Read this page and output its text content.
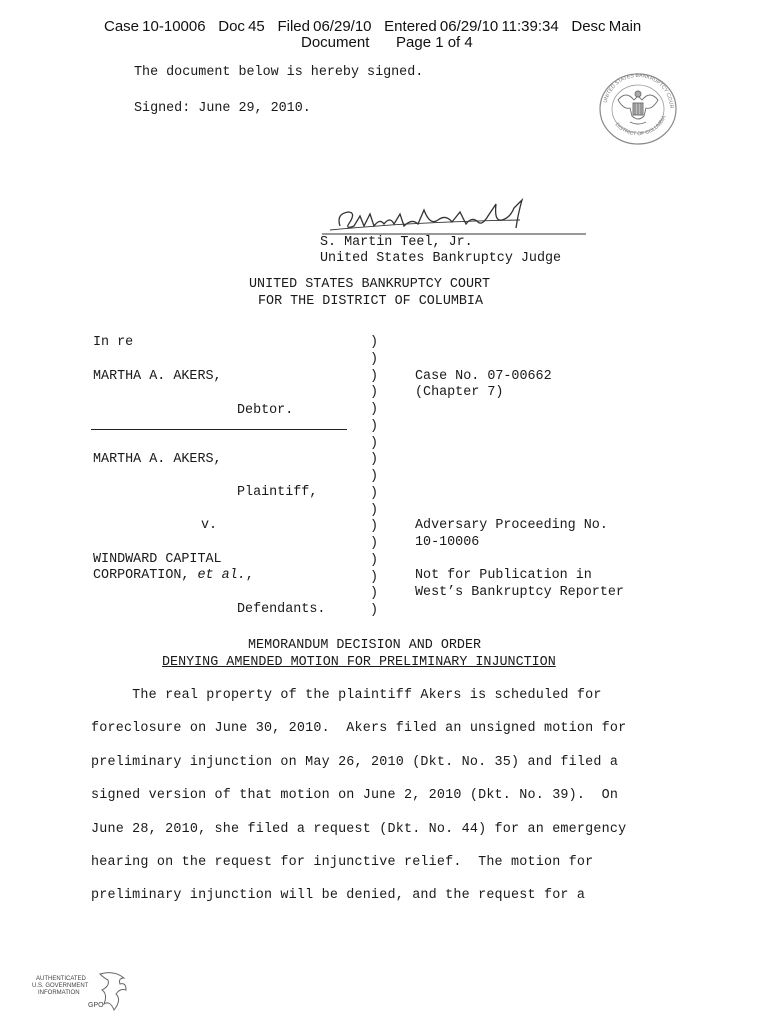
Case 10-10006    Doc 45    Filed 06/29/10    Entered 06/29/10 11:39:34    Desc Main
Document Page 1 of 4
The document below is hereby signed.
Signed: June 29, 2010.
UNITED STATES BANKRUPTCY COUR
DISTRICT OF COLUMBIA
S. Martin Teel, Jr.
United States Bankruptcy Judge
UNITED STATES BANKRUPTCY COURT
FOR THE DISTRICT OF COLUMBIA
In re
MARTHA A. AKERS,
Debtor.
MARTHA A. AKERS,
Plaintiff,
v.
WINDWARD CAPITAL
CORPORATION, et al.,
Defendants.
)
)
)
)
)
)
)
)
)
)
)
)
)
)
)
)
)
Case No. 07-00662
(Chapter 7)
Adversary Proceeding No.
10-10006
Not for Publication in
West’s Bankruptcy Reporter
MEMORANDUM DECISION AND ORDER
DENYING AMENDED MOTION FOR PRELIMINARY INJUNCTION
The real property of the plaintiff Akers is scheduled for
foreclosure on June 30, 2010.  Akers filed an unsigned motion for
preliminary injunction on May 26, 2010 (Dkt. No. 35) and filed a
signed version of that motion on June 2, 2010 (Dkt. No. 39).  On
June 28, 2010, she filed a request (Dkt. No. 44) for an emergency
hearing on the request for injunctive relief.  The motion for
preliminary injunction will be denied, and the request for a
AUTHENTICATED
U.S. GOVERNMENT
INFORMATION
GPO
